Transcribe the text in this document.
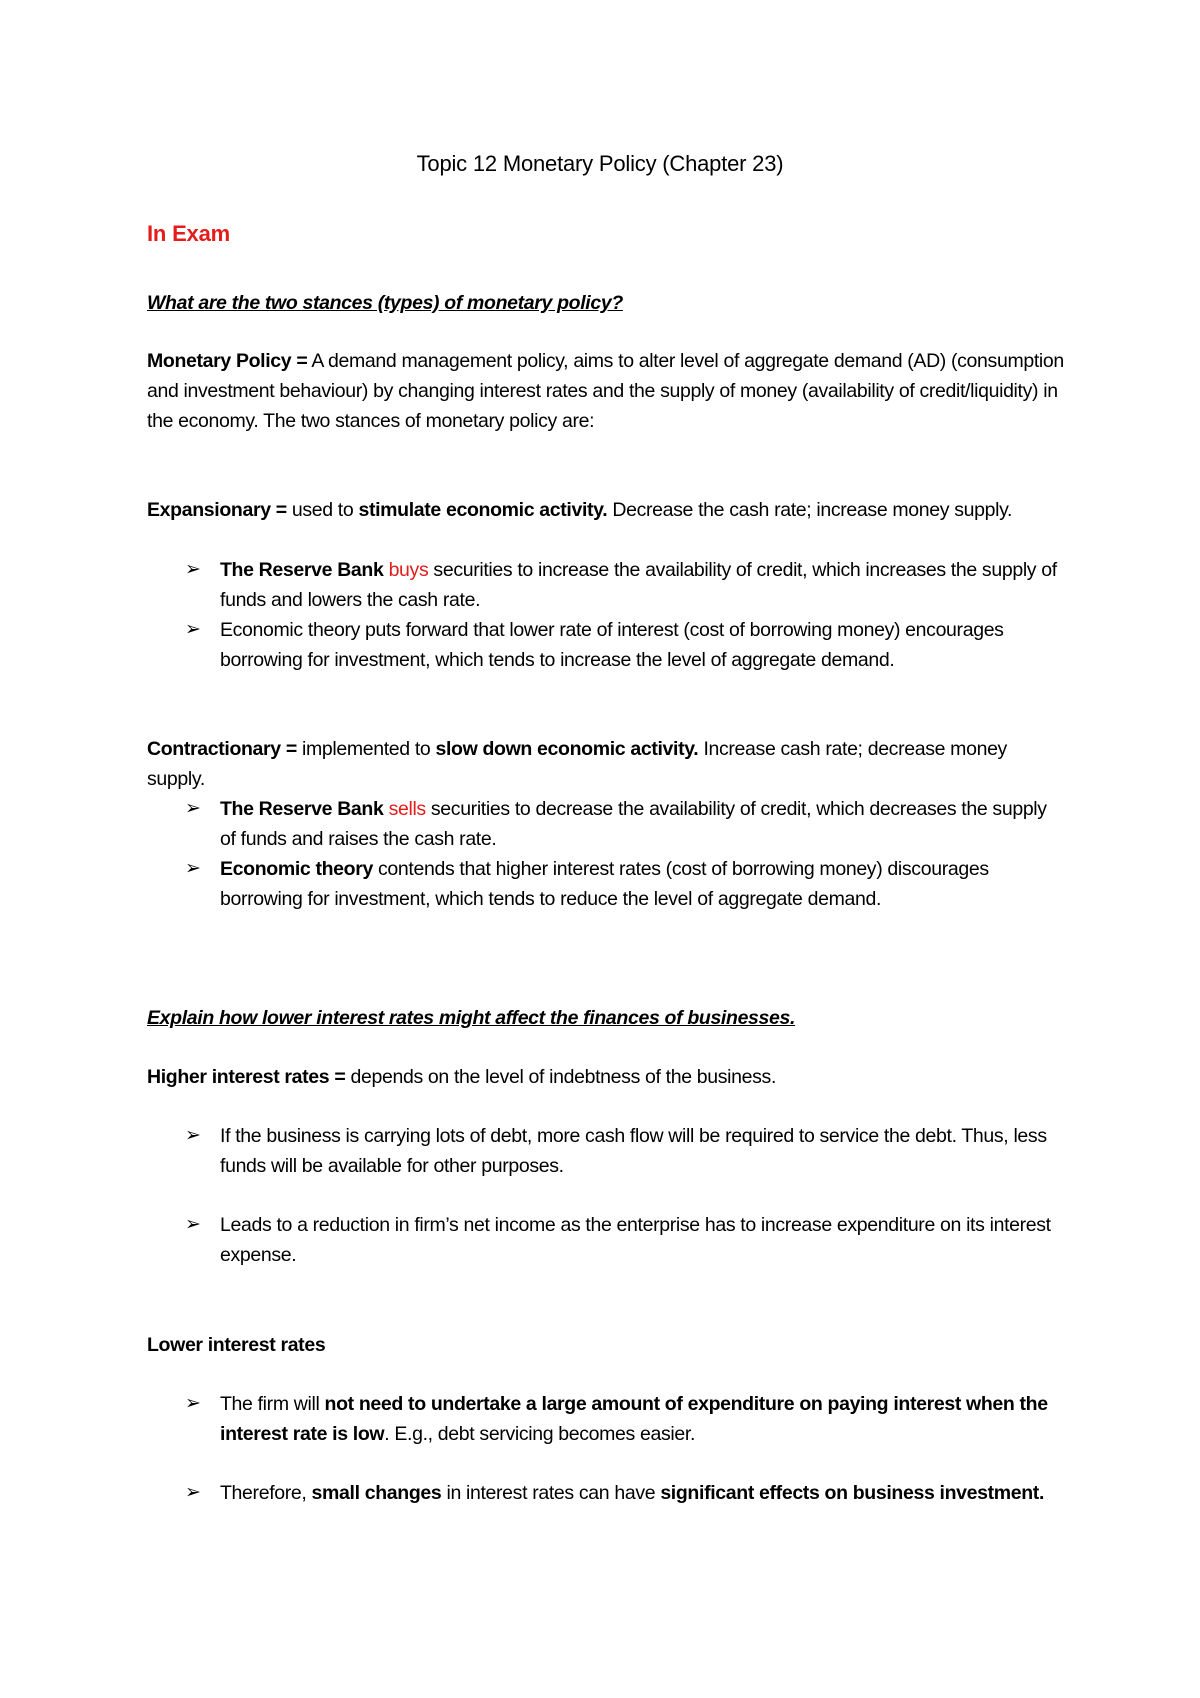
Topic 12 Monetary Policy (Chapter 23)
In Exam
What are the two stances (types) of monetary policy?
Monetary Policy = A demand management policy, aims to alter level of aggregate demand (AD) (consumption and investment behaviour) by changing interest rates and the supply of money (availability of credit/liquidity) in the economy. The two stances of monetary policy are:
Expansionary = used to stimulate economic activity. Decrease the cash rate; increase money supply.
➢ The Reserve Bank buys securities to increase the availability of credit, which increases the supply of funds and lowers the cash rate.
➢ Economic theory puts forward that lower rate of interest (cost of borrowing money) encourages borrowing for investment, which tends to increase the level of aggregate demand.
Contractionary = implemented to slow down economic activity. Increase cash rate; decrease money supply.
➢ The Reserve Bank sells securities to decrease the availability of credit, which decreases the supply of funds and raises the cash rate.
➢ Economic theory contends that higher interest rates (cost of borrowing money) discourages borrowing for investment, which tends to reduce the level of aggregate demand.
Explain how lower interest rates might affect the finances of businesses.
Higher interest rates = depends on the level of indebtness of the business.
➢ If the business is carrying lots of debt, more cash flow will be required to service the debt. Thus, less funds will be available for other purposes.
➢ Leads to a reduction in firm’s net income as the enterprise has to increase expenditure on its interest expense.
Lower interest rates
➢ The firm will not need to undertake a large amount of expenditure on paying interest when the interest rate is low. E.g., debt servicing becomes easier.
➢ Therefore, small changes in interest rates can have significant effects on business investment.
